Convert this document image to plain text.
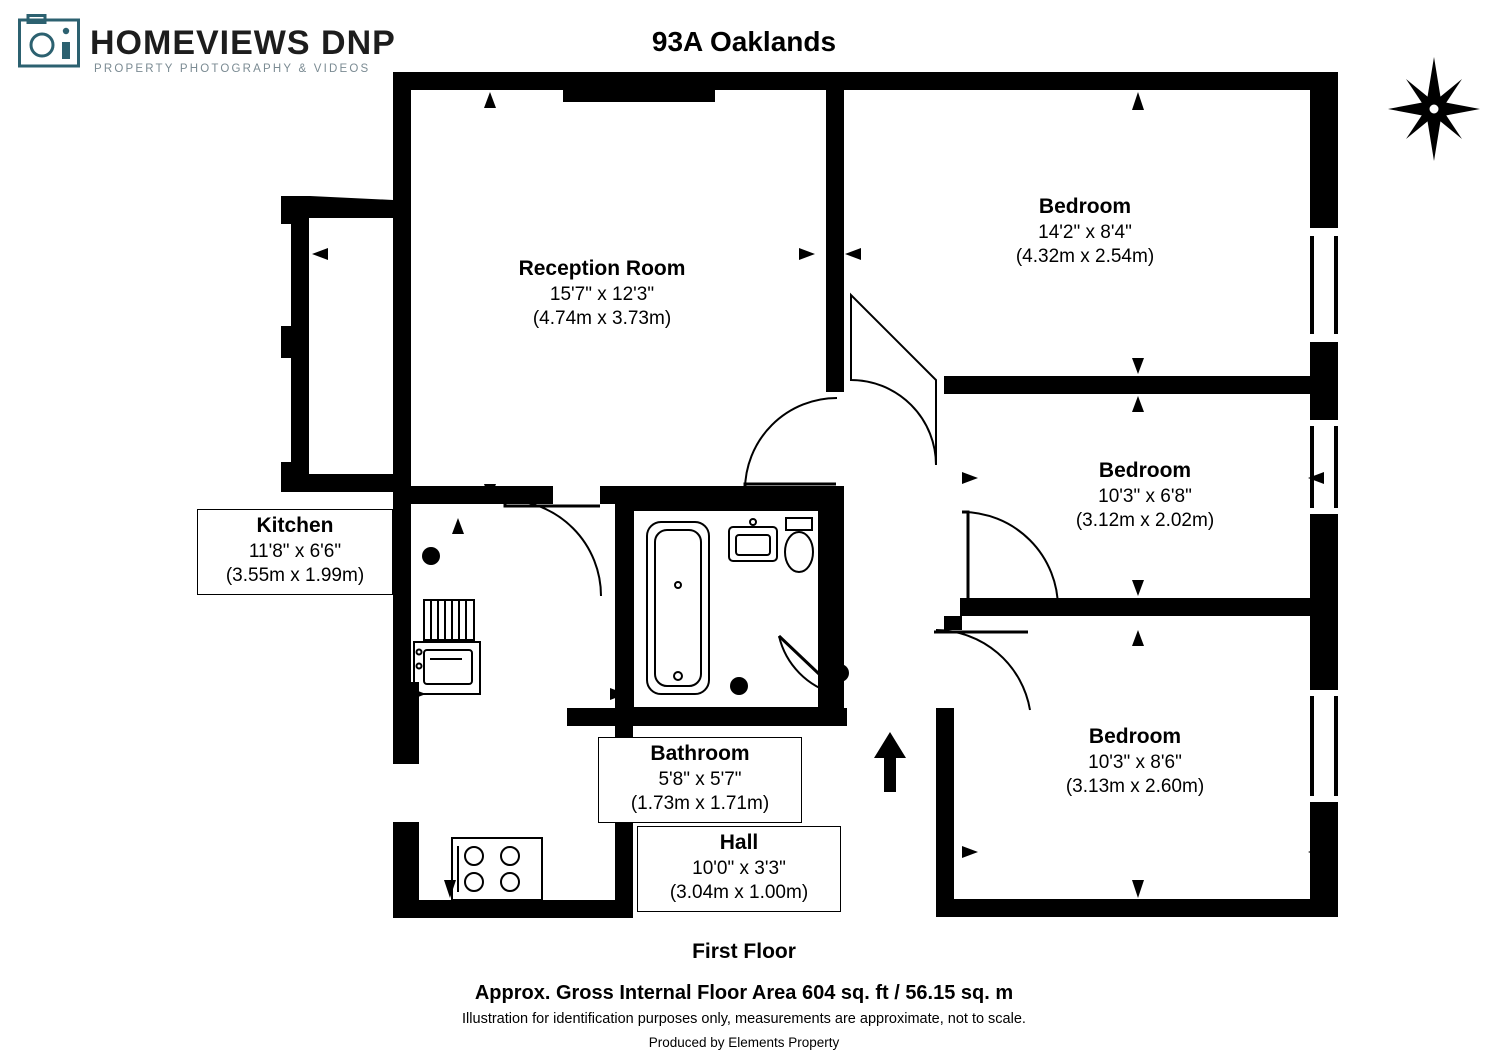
HOMEVIEWS DNP
PROPERTY PHOTOGRAPHY & VIDEOS
93A Oaklands
S
W
N
E
Reception Room
15'7" x 12'3"
(4.74m x 3.73m)
Bedroom
14'2" x 8'4"
(4.32m x 2.54m)
Bedroom
10'3" x 6'8"
(3.12m x 2.02m)
Bedroom
10'3" x 8'6"
(3.13m x 2.60m)
Kitchen
11'8" x 6'6"
(3.55m x 1.99m)
Bathroom
5'8" x 5'7"
(1.73m x 1.71m)
Hall
10'0" x 3'3"
(3.04m x 1.00m)
First Floor
Approx. Gross Internal Floor Area 604 sq. ft / 56.15 sq. m
Illustration for identification purposes only, measurements are approximate, not to scale.
Produced by Elements Property
